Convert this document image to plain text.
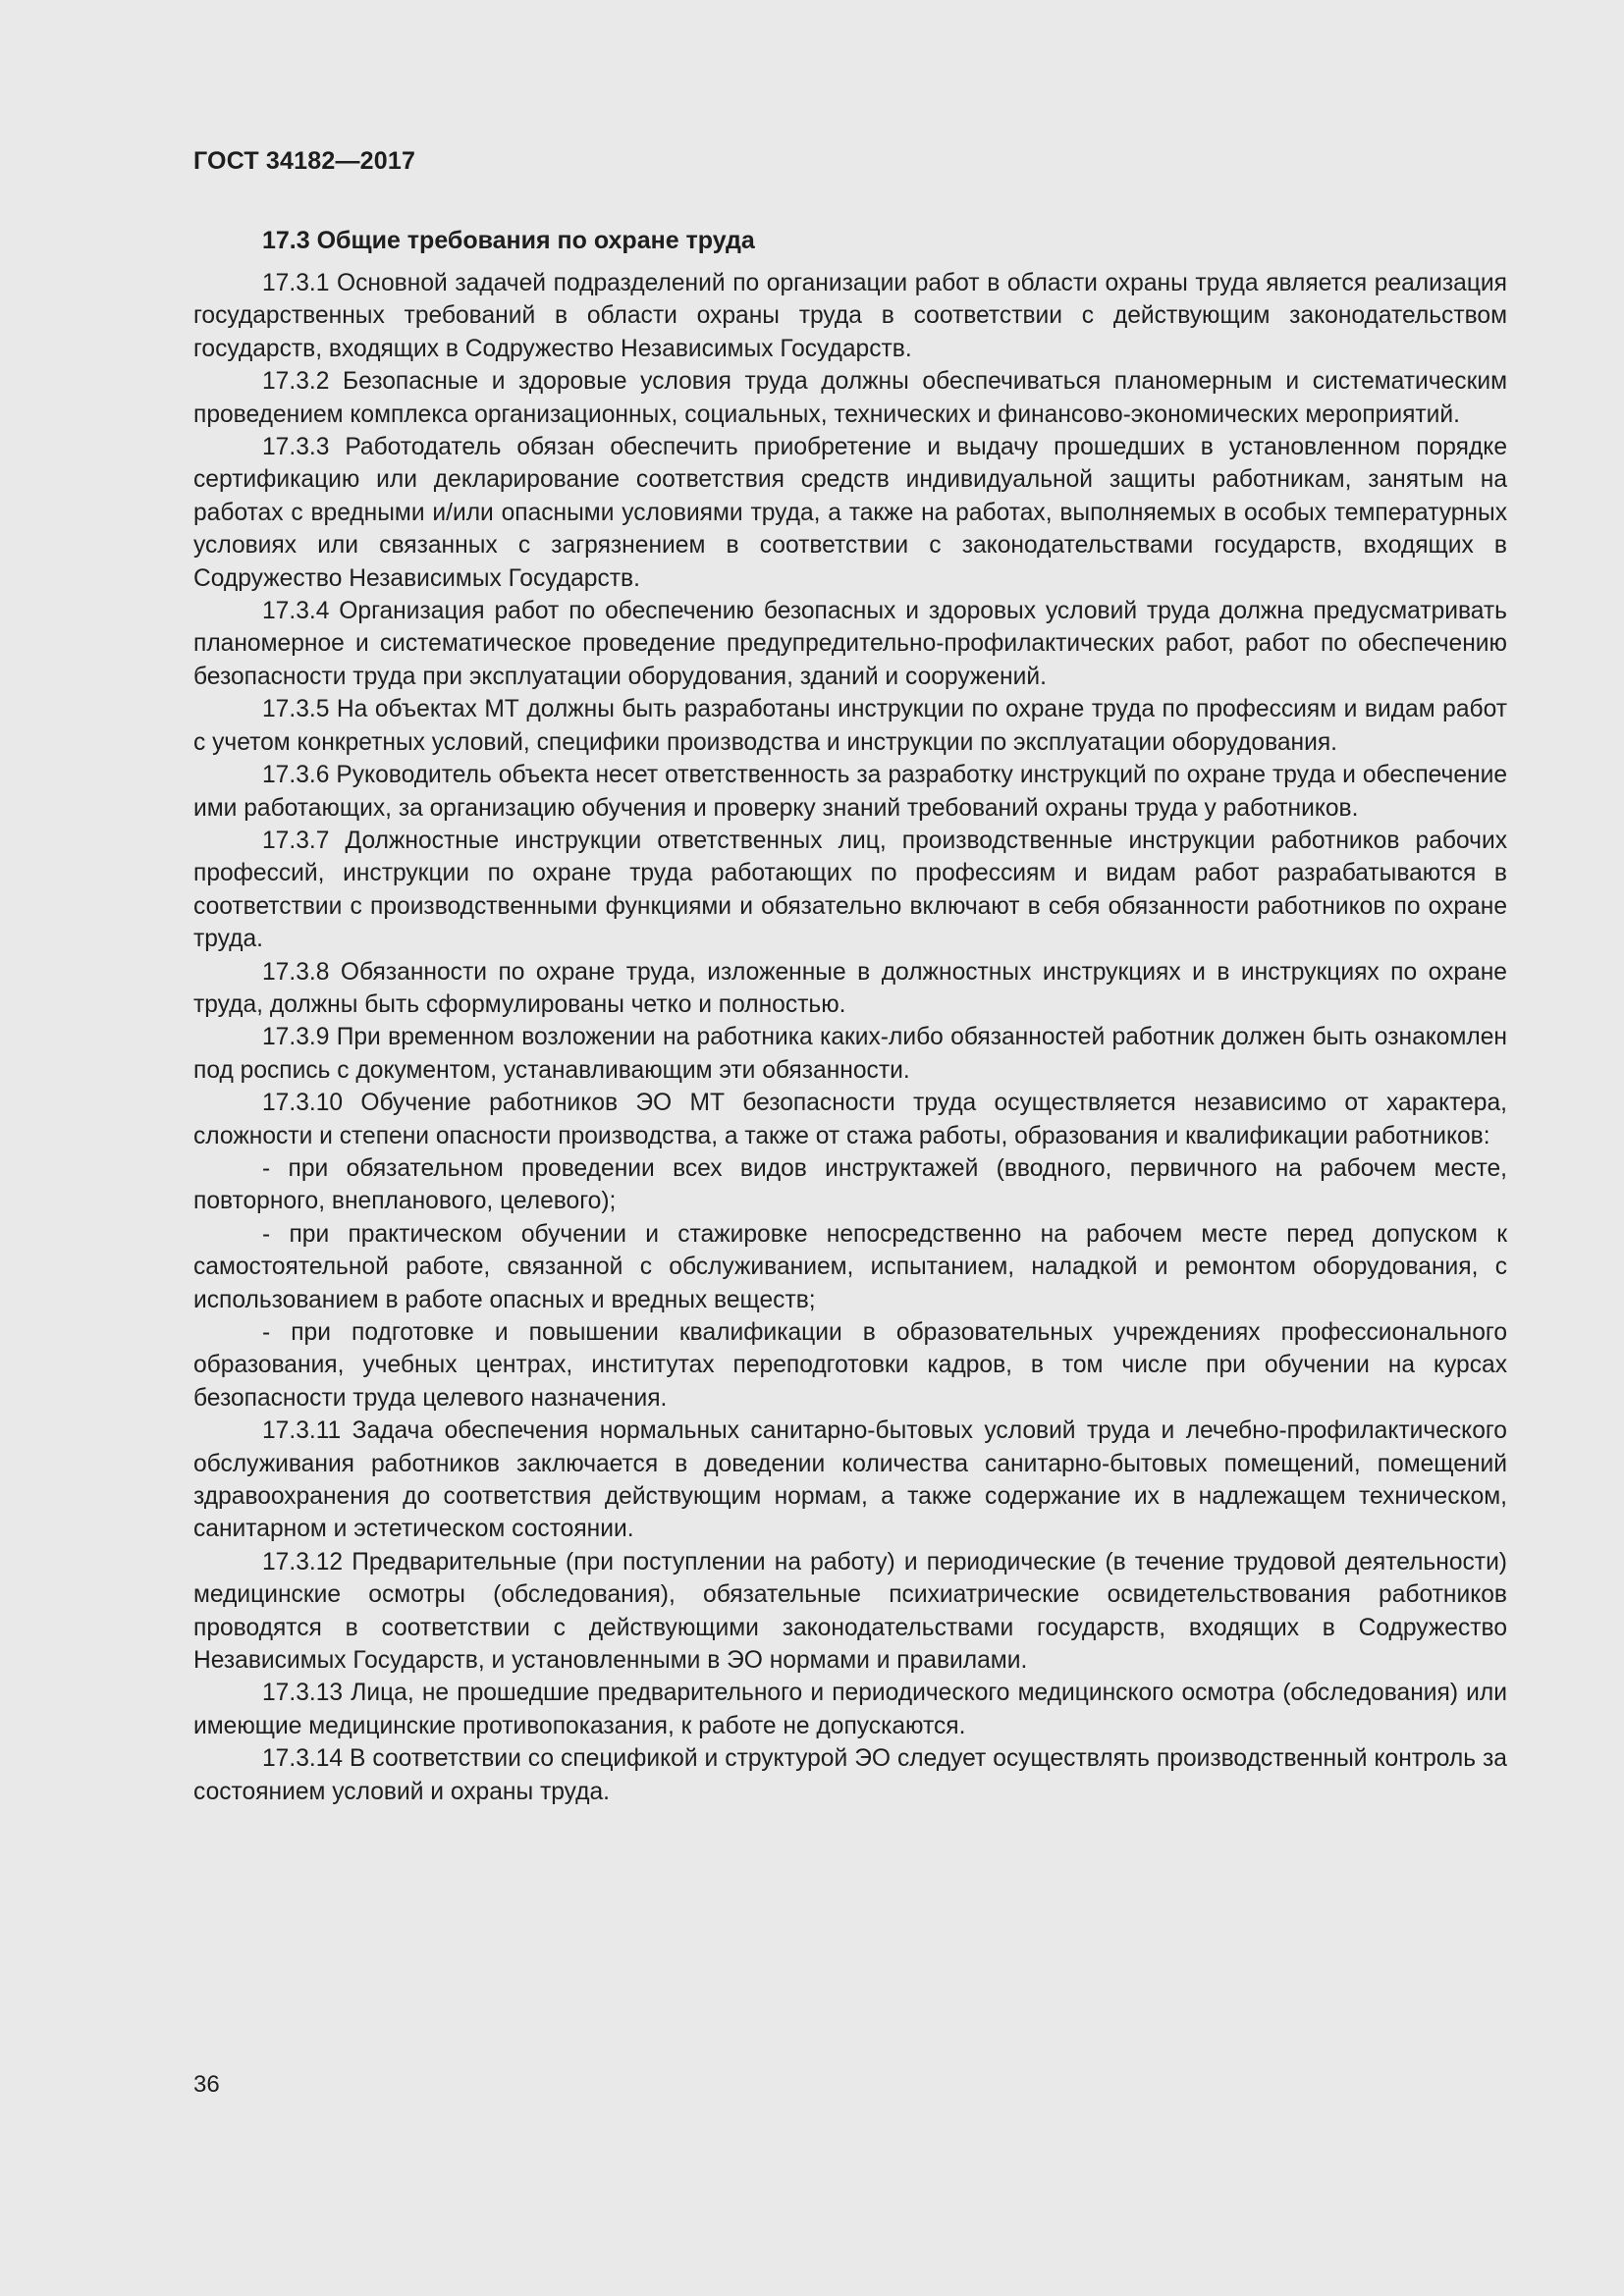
ГОСТ 34182—2017
17.3 Общие требования по охране труда

17.3.1 Основной задачей подразделений по организации работ в области охраны труда является реализация государственных требований в области охраны труда в соответствии с действующим законодательством государств, входящих в Содружество Независимых Государств.

17.3.2 Безопасные и здоровые условия труда должны обеспечиваться планомерным и систематическим проведением комплекса организационных, социальных, технических и финансово-экономических мероприятий.

17.3.3 Работодатель обязан обеспечить приобретение и выдачу прошедших в установленном порядке сертификацию или декларирование соответствия средств индивидуальной защиты работникам, занятым на работах с вредными и/или опасными условиями труда, а также на работах, выполняемых в особых температурных условиях или связанных с загрязнением в соответствии с законодательствами государств, входящих в Содружество Независимых Государств.

17.3.4 Организация работ по обеспечению безопасных и здоровых условий труда должна предусматривать планомерное и систематическое проведение предупредительно-профилактических работ, работ по обеспечению безопасности труда при эксплуатации оборудования, зданий и сооружений.

17.3.5 На объектах МТ должны быть разработаны инструкции по охране труда по профессиям и видам работ с учетом конкретных условий, специфики производства и инструкции по эксплуатации оборудования.

17.3.6 Руководитель объекта несет ответственность за разработку инструкций по охране труда и обеспечение ими работающих, за организацию обучения и проверку знаний требований охраны труда у работников.

17.3.7 Должностные инструкции ответственных лиц, производственные инструкции работников рабочих профессий, инструкции по охране труда работающих по профессиям и видам работ разрабатываются в соответствии с производственными функциями и обязательно включают в себя обязанности работников по охране труда.

17.3.8 Обязанности по охране труда, изложенные в должностных инструкциях и в инструкциях по охране труда, должны быть сформулированы четко и полностью.

17.3.9 При временном возложении на работника каких-либо обязанностей работник должен быть ознакомлен под роспись с документом, устанавливающим эти обязанности.

17.3.10 Обучение работников ЭО МТ безопасности труда осуществляется независимо от характера, сложности и степени опасности производства, а также от стажа работы, образования и квалификации работников:

- при обязательном проведении всех видов инструктажей (вводного, первичного на рабочем месте, повторного, внепланового, целевого);

- при практическом обучении и стажировке непосредственно на рабочем месте перед допуском к самостоятельной работе, связанной с обслуживанием, испытанием, наладкой и ремонтом оборудования, с использованием в работе опасных и вредных веществ;

- при подготовке и повышении квалификации в образовательных учреждениях профессионального образования, учебных центрах, институтах переподготовки кадров, в том числе при обучении на курсах безопасности труда целевого назначения.

17.3.11 Задача обеспечения нормальных санитарно-бытовых условий труда и лечебно-профилактического обслуживания работников заключается в доведении количества санитарно-бытовых помещений, помещений здравоохранения до соответствия действующим нормам, а также содержание их в надлежащем техническом, санитарном и эстетическом состоянии.

17.3.12 Предварительные (при поступлении на работу) и периодические (в течение трудовой деятельности) медицинские осмотры (обследования), обязательные психиатрические освидетельствования работников проводятся в соответствии с действующими законодательствами государств, входящих в Содружество Независимых Государств, и установленными в ЭО нормами и правилами.

17.3.13 Лица, не прошедшие предварительного и периодического медицинского осмотра (обследования) или имеющие медицинские противопоказания, к работе не допускаются.

17.3.14 В соответствии со спецификой и структурой ЭО следует осуществлять производственный контроль за состоянием условий и охраны труда.

36
